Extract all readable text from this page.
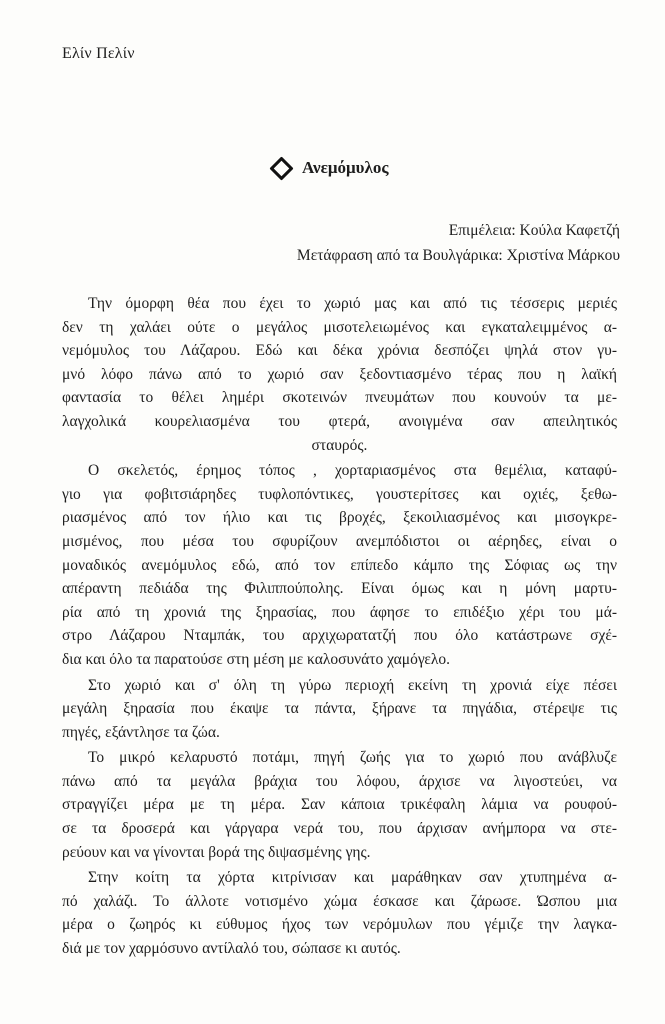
Ελίν Πελίν
Ανεμόμυλος
Επιμέλεια: Κούλα Καφετζή
Μετάφραση από τα Βουλγάρικα: Χριστίνα Μάρκου
Την όμορφη θέα που έχει το χωριό μας και από τις τέσσερις μεριές
δεν τη χαλάει ούτε ο μεγάλος μισοτελειωμένος και εγκαταλειμμένος α-
νεμόμυλος του Λάζαρου. Εδώ και δέκα χρόνια δεσπόζει ψηλά στον γυ-
μνό λόφο πάνω από το χωριό σαν ξεδοντιασμένο τέρας που η λαϊκή
φαντασία το θέλει λημέρι σκοτεινών πνευμάτων που κουνούν τα με-
λαγχολικά κουρελιασμένα του φτερά, ανοιγμένα σαν απειλητικός
σταυρός.
Ο σκελετός, έρημος τόπος , χορταριασμένος στα θεμέλια, καταφύ-
γιο για φοβιτσιάρηδες τυφλοπόντικες, γουστερίτσες και οχιές, ξεθω-
ριασμένος από τον ήλιο και τις βροχές, ξεκοιλιασμένος και μισογκρε-
μισμένος, που μέσα του σφυρίζουν ανεμπόδιστοι οι αέρηδες, είναι ο
μοναδικός ανεμόμυλος εδώ, από τον επίπεδο κάμπο της Σόφιας ως την
απέραντη πεδιάδα της Φιλιππούπολης. Είναι όμως και η μόνη μαρτυ-
ρία από τη χρονιά της ξηρασίας, που άφησε το επιδέξιο χέρι του μά-
στρο Λάζαρου Νταμπάκ, του αρχιχωρατατζή που όλο κατάστρωνε σχέ-
δια και όλο τα παρατούσε στη μέση με καλοσυνάτο χαμόγελο.
Στο χωριό και σ' όλη τη γύρω περιοχή εκείνη τη χρονιά είχε πέσει
μεγάλη ξηρασία που έκαψε τα πάντα, ξήρανε τα πηγάδια, στέρεψε τις
πηγές, εξάντλησε τα ζώα.
Το μικρό κελαρυστό ποτάμι, πηγή ζωής για το χωριό που ανάβλυζε
πάνω από τα μεγάλα βράχια του λόφου, άρχισε να λιγοστεύει, να
στραγγίζει μέρα με τη μέρα. Σαν κάποια τρικέφαλη λάμια να ρουφού-
σε τα δροσερά και γάργαρα νερά του, που άρχισαν ανήμπορα να στε-
ρεύουν και να γίνονται βορά της διψασμένης γης.
Στην κοίτη τα χόρτα κιτρίνισαν και μαράθηκαν σαν χτυπημένα α-
πό χαλάζι. Το άλλοτε νοτισμένο χώμα έσκασε και ζάρωσε. Ώσπου μια
μέρα ο ζωηρός κι εύθυμος ήχος των νερόμυλων που γέμιζε την λαγκα-
διά με τον χαρμόσυνο αντίλαλό του, σώπασε κι αυτός.
